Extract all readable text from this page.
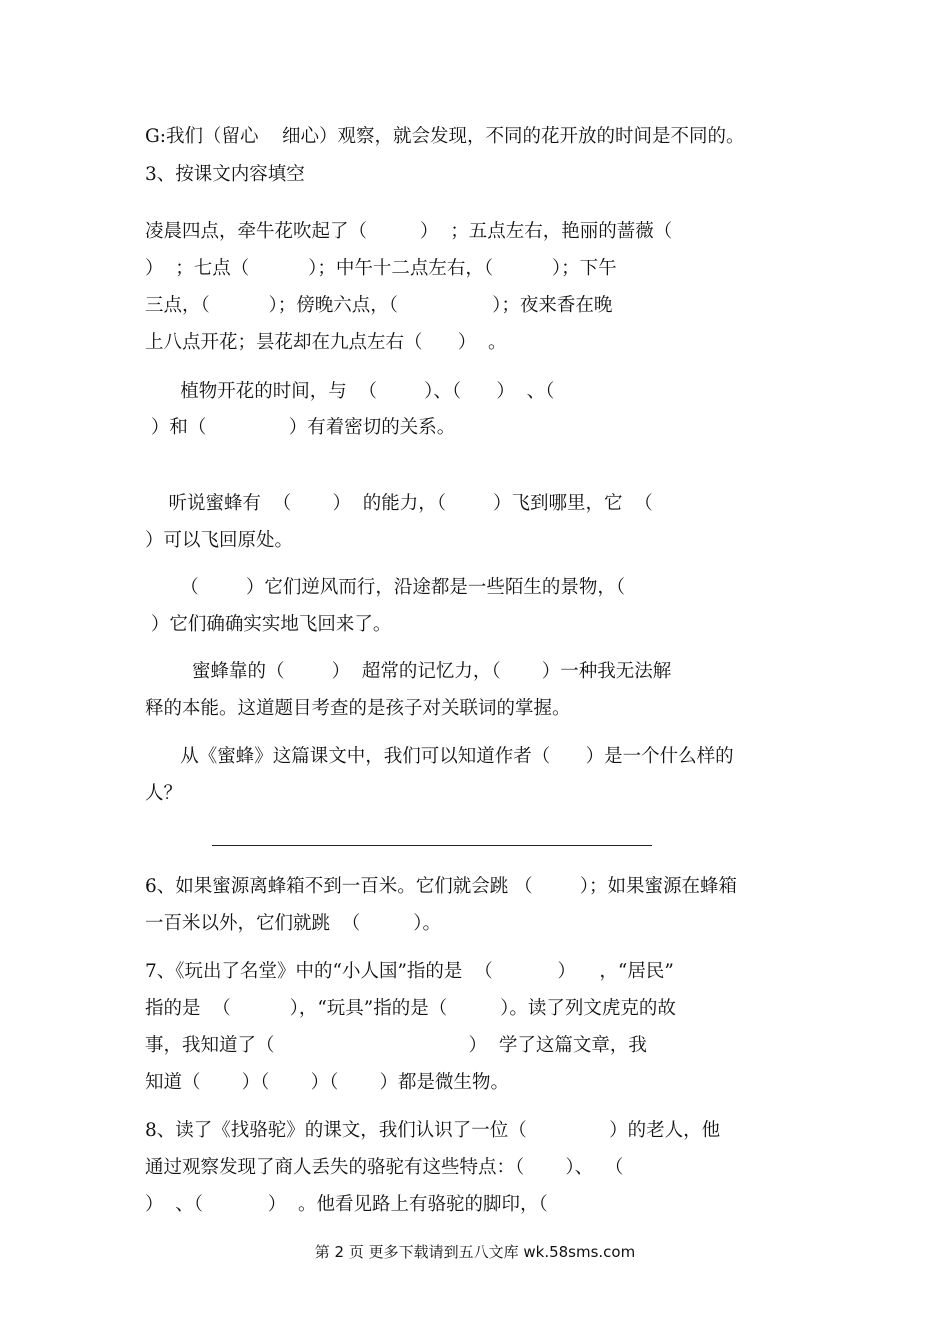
G:我们（留心    细心）观察，就会发现，不同的花开放的时间是不同的。
3、按课文内容填空
凌晨四点，牵牛花吹起了（         ）  ；五点左右，艳丽的蔷薇（
）  ；七点（          ）；中午十二点左右，（          ）；下午
三点，（          ）；傍晚六点，（                ）；夜来香在晚
上八点开花；昙花却在九点左右（      ）  。
植物开花的时间，与  （        ）、（      ）  、（
）和（              ）有着密切的关系。
听说蜜蜂有  （       ）  的能力，（        ）飞到哪里，它  （
）可以飞回原处。
（        ）它们逆风而行，沿途都是一些陌生的景物，（
）它们确确实实地飞回来了。
蜜蜂靠的（        ）  超常的记忆力，（       ）一种我无法解
释的本能。这道题目考查的是孩子对关联词的掌握。
从《蜜蜂》这篇课文中，我们可以知道作者（      ）是一个什么样的
人？
6、如果蜜源离蜂箱不到一百米。它们就会跳 （        ）；如果蜜源在蜂箱
一百米以外，它们就跳  （         ）。
7、《玩出了名堂》中的“小人国”指的是  （           ）    ，“居民”
指的是  （          ），“玩具”指的是（         ）。读了列文虎克的故
事，我知道了（                                 ）  学了这篇文章，我
知道（       ）（       ）（       ）都是微生物。
8、读了《找骆驼》的课文，我们认识了一位（              ）的老人，他
通过观察发现了商人丢失的骆驼有这些特点：（       ）、  （
）  、（           ）  。他看见路上有骆驼的脚印，（
第 2 页 更多下载请到五八文库 wk.58sms.com
